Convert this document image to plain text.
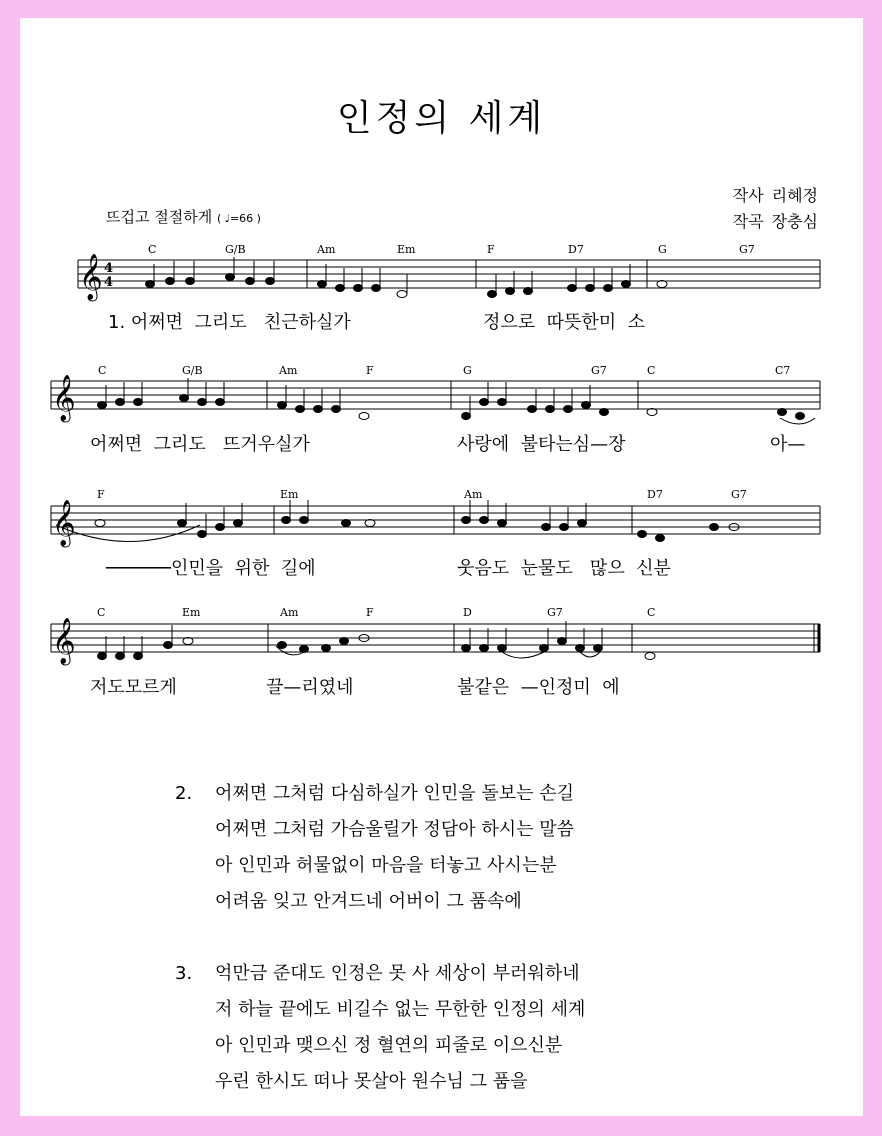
인정의 세계
작사 리혜정
작곡 장충심
뜨겁고 절절하게 ( ♩=66 )
𝄞
𝄞
𝄞
𝄞
4
4
C	G/B	Am	Em	F	D7	G	G7
C	G/B	Am	F	G	G7	C	C7
F	Em	Am	D7	G7
C	Em	Am	F	D	G7	C
1. 어쩌면  그리도   친근하실가	정으로  따뜻한미  소
어쩌면  그리도   뜨거우실가	사랑에  불타는심—장	아—
──────인민을  위한  길에	웃음도  눈물도   많으  신분
저도모르게	끌—리였네	불같은  —인정미  에
2.	어쩌면 그처럼 다심하실가 인민을 돌보는 손길
어쩌면 그처럼 가슴울릴가 정담아 하시는 말씀
아 인민과 허물없이 마음을 터놓고 사시는분
어려움 잊고 안겨드네 어버이 그 품속에
3.	억만금 준대도 인정은 못 사 세상이 부러워하네
저 하늘 끝에도 비길수 없는 무한한 인정의 세계
아 인민과 맺으신 정 혈연의 피줄로 이으신분
우린 한시도 떠나 못살아 원수님 그 품을
